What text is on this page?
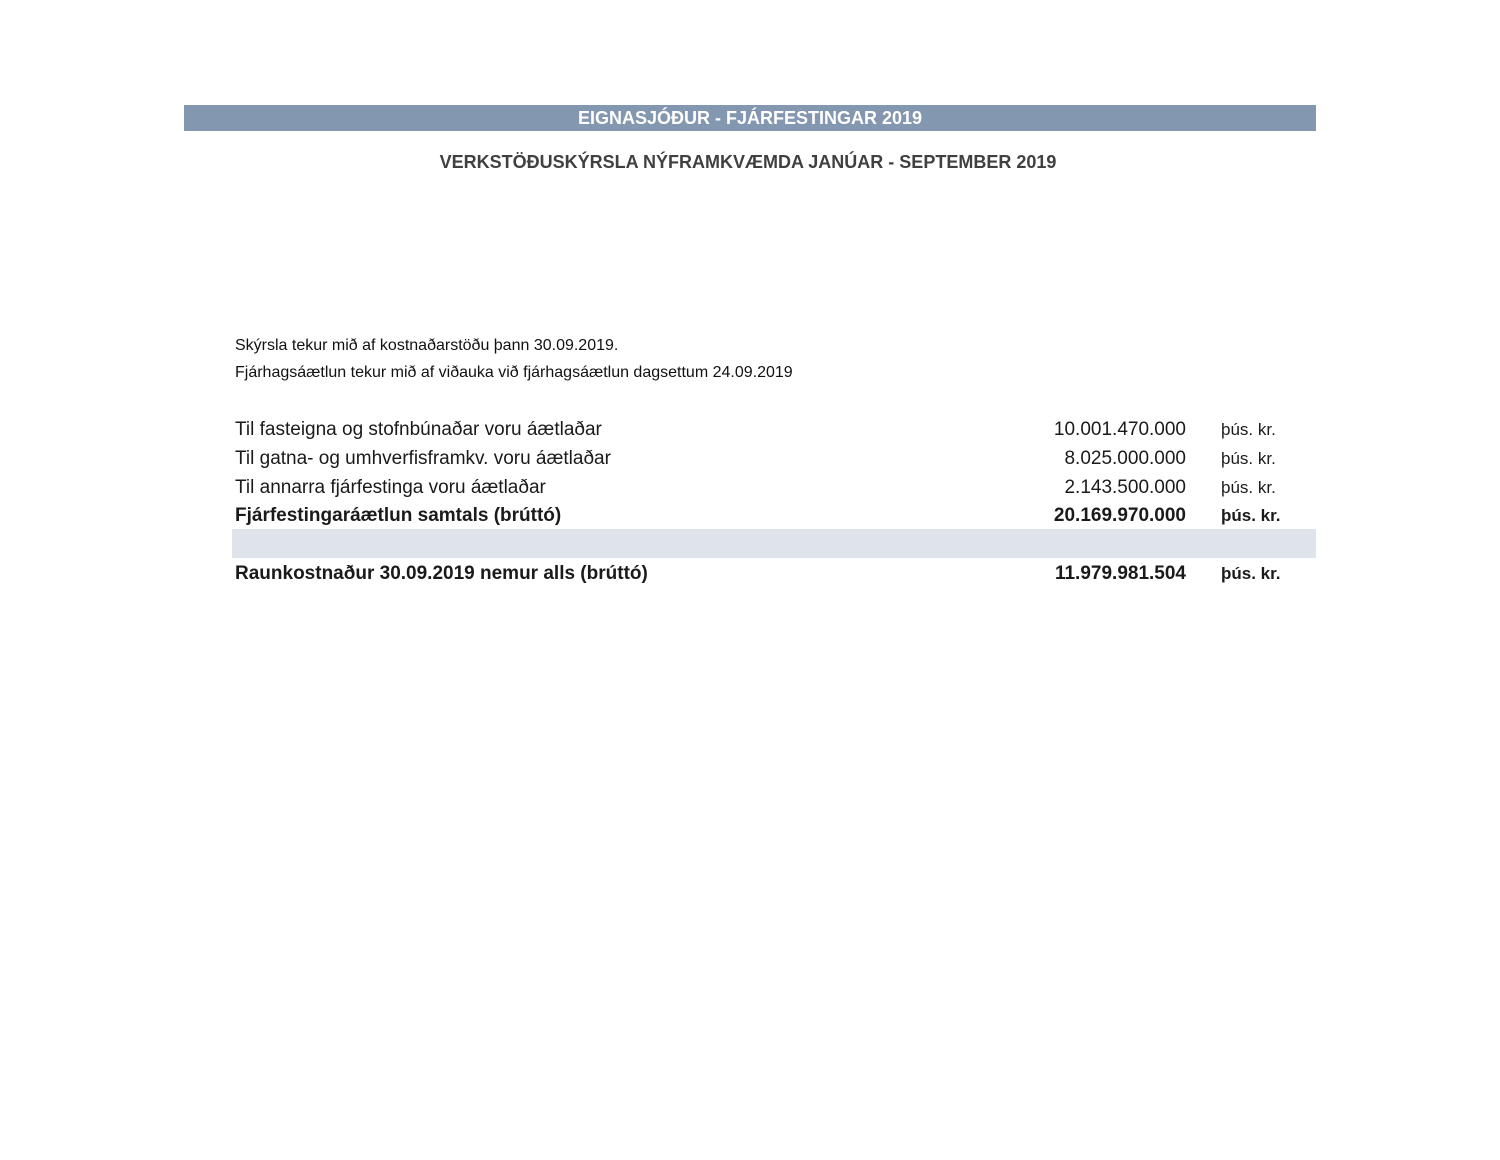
EIGNASJÓÐUR - FJÁRFESTINGAR 2019
VERKSTÖÐUSKÝRSLA NÝFRAMKVÆMDA JANÚAR - SEPTEMBER 2019
Skýrsla tekur mið af kostnaðarstöðu þann 30.09.2019.
Fjárhagsáætlun tekur mið af viðauka við fjárhagsáætlun dagsettum 24.09.2019
Til fasteigna og stofnbúnaðar voru áætlaðar	10.001.470.000 þús. kr.
Til gatna- og umhverfisframkv. voru áætlaðar	8.025.000.000 þús. kr.
Til annarra fjárfestinga voru áætlaðar	2.143.500.000 þús. kr.
Fjárfestingaráætlun samtals (brúttó)	20.169.970.000 þús. kr.
Raunkostnaður 30.09.2019 nemur alls (brúttó)	11.979.981.504 þús. kr.
